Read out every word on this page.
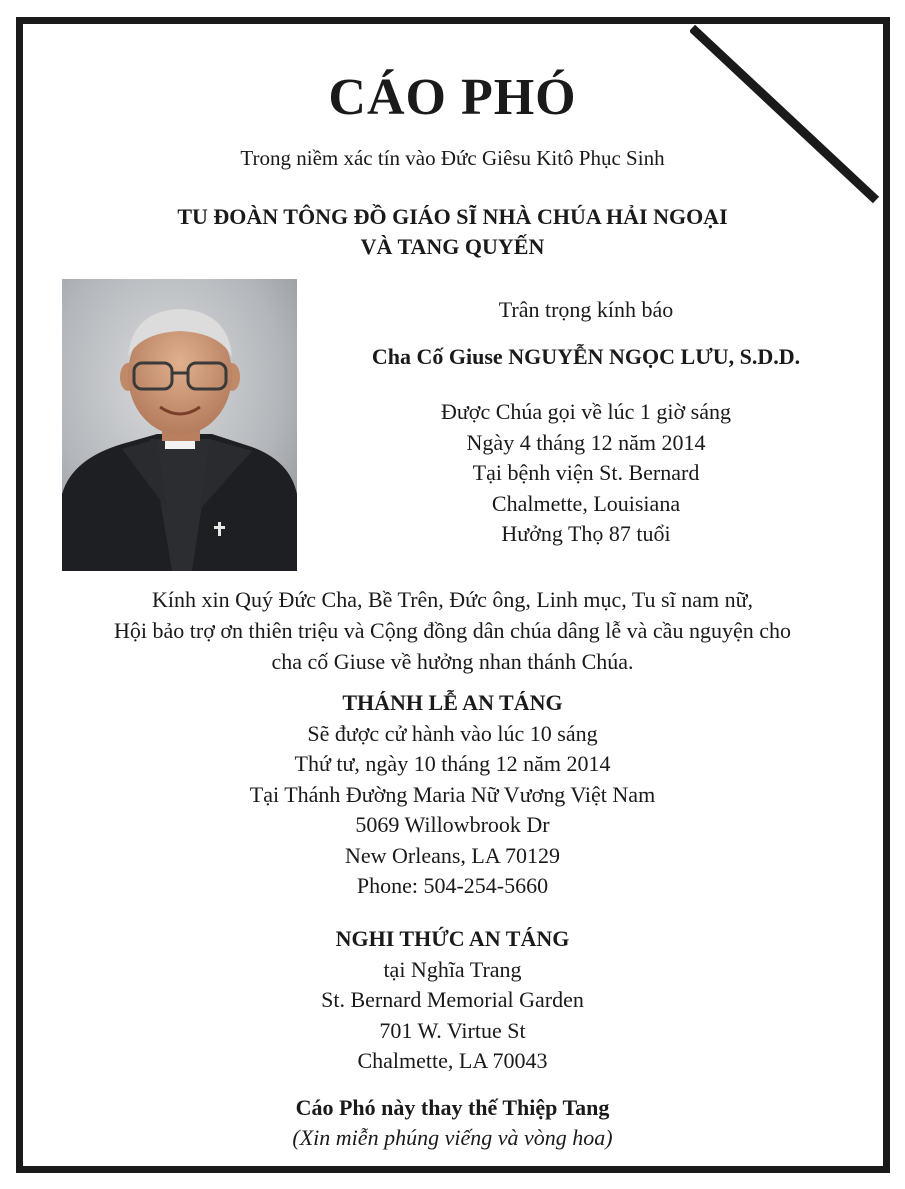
CÁO PHÓ
Trong niềm xác tín vào Đức Giêsu Kitô Phục Sinh
TU ĐOÀN TÔNG ĐỒ GIÁO SĨ NHÀ CHÚA HẢI NGOẠI
VÀ TANG QUYẾN
Trân trọng kính báo
Cha Cố Giuse NGUYỄN NGỌC LƯU, S.D.D.
Được Chúa gọi về lúc 1 giờ sáng
Ngày 4 tháng 12 năm 2014
Tại bệnh viện St. Bernard
Chalmette, Louisiana
Hưởng Thọ 87 tuổi
Kính xin Quý Đức Cha, Bề Trên, Đức ông, Linh mục, Tu sĩ nam nữ,
Hội bảo trợ ơn thiên triệu và Cộng đồng dân chúa dâng lễ và cầu nguyện cho
cha cố Giuse về hưởng nhan thánh Chúa.
THÁNH LỄ AN TÁNG
Sẽ được cử hành vào lúc 10 sáng
Thứ tư, ngày 10 tháng 12 năm 2014
Tại Thánh Đường Maria Nữ Vương Việt Nam
5069 Willowbrook Dr
New Orleans, LA 70129
Phone: 504-254-5660
NGHI THỨC AN TÁNG
tại Nghĩa Trang
St. Bernard Memorial Garden
701 W. Virtue St
Chalmette, LA 70043
Cáo Phó này thay thế Thiệp Tang
(Xin miễn phúng viếng và vòng hoa)
